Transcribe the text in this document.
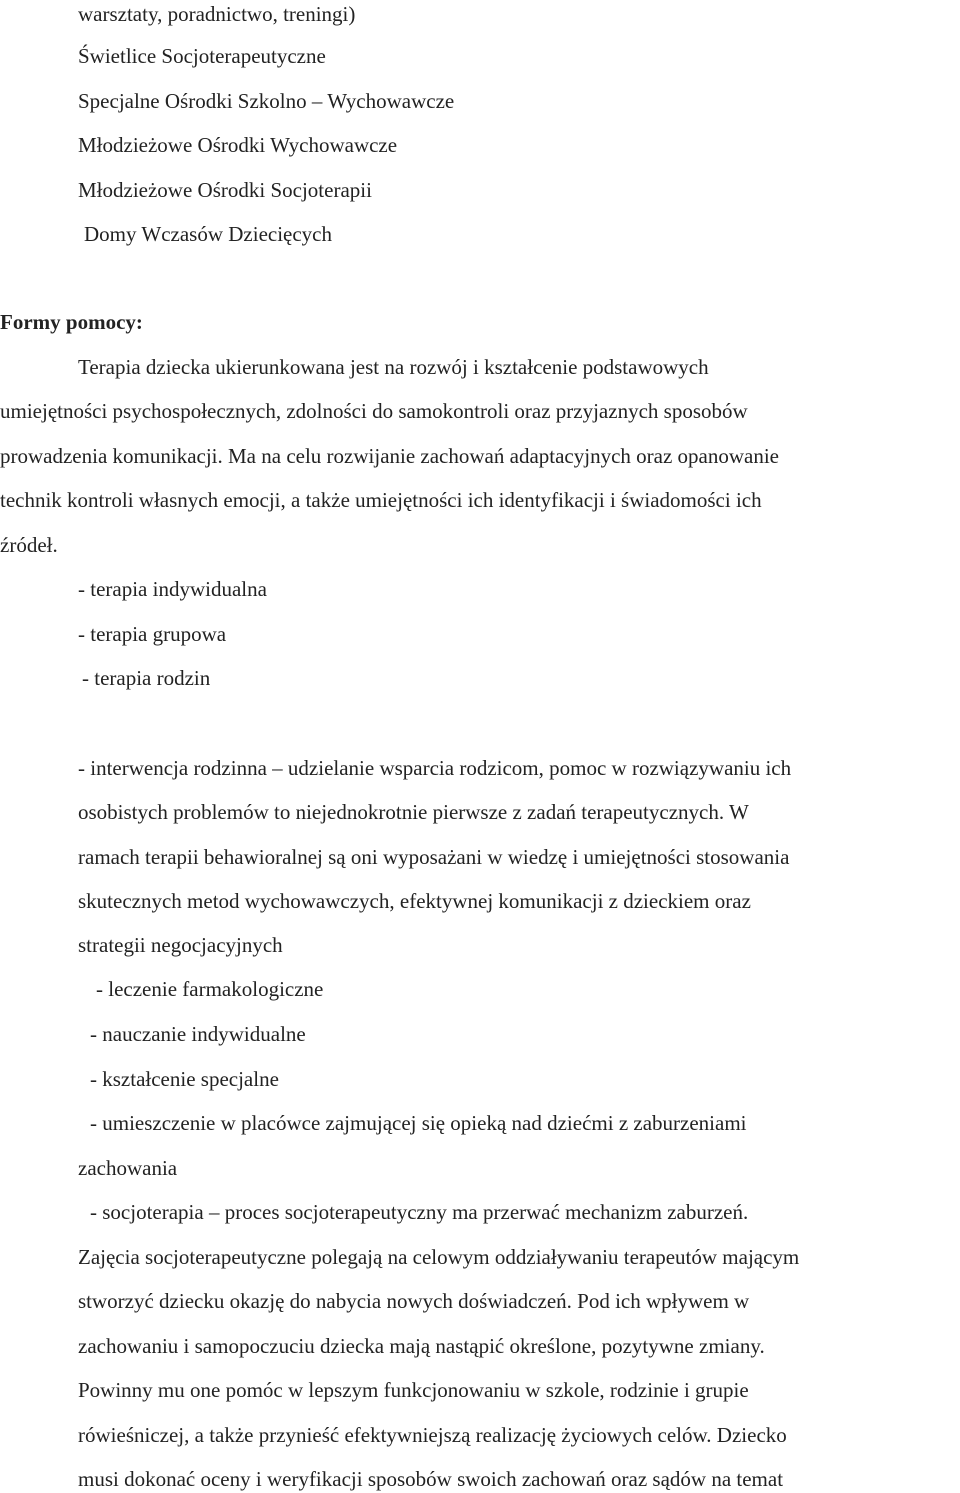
warsztaty, poradnictwo, treningi)

Świetlice Socjoterapeutyczne

Specjalne Ośrodki Szkolno – Wychowawcze

Młodzieżowe Ośrodki Wychowawcze

Młodzieżowe Ośrodki Socjoterapii

Domy Wczasów Dziecięcych

Formy pomocy:

Terapia dziecka ukierunkowana jest na rozwój i kształcenie podstawowych

umiejętności psychospołecznych, zdolności do samokontroli oraz przyjaznych sposobów

prowadzenia komunikacji. Ma na celu rozwijanie zachowań adaptacyjnych oraz opanowanie

technik kontroli własnych emocji, a także umiejętności ich identyfikacji i świadomości ich

źródeł.

- terapia indywidualna

- terapia grupowa

- terapia rodzin

- interwencja rodzinna – udzielanie wsparcia rodzicom, pomoc w rozwiązywaniu ich

osobistych problemów to niejednokrotnie pierwsze z zadań terapeutycznych. W

ramach terapii behawioralnej są oni wyposażani w wiedzę i umiejętności stosowania

skutecznych metod wychowawczych, efektywnej komunikacji z dzieckiem oraz

strategii negocjacyjnych

- leczenie farmakologiczne

- nauczanie indywidualne

- kształcenie specjalne

- umieszczenie w placówce zajmującej się opieką nad dziećmi z zaburzeniami

zachowania

- socjoterapia – proces socjoterapeutyczny ma przerwać mechanizm zaburzeń.

Zajęcia socjoterapeutyczne polegają na celowym oddziaływaniu terapeutów mającym

stworzyć dziecku okazję do nabycia nowych doświadczeń. Pod ich wpływem w

zachowaniu i samopoczuciu dziecka mają nastąpić określone, pozytywne zmiany.

Powinny mu one pomóc w lepszym funkcjonowaniu w szkole, rodzinie i grupie

rówieśniczej, a także przynieść efektywniejszą realizację życiowych celów. Dziecko

musi dokonać oceny i weryfikacji sposobów swoich zachowań oraz sądów na temat
